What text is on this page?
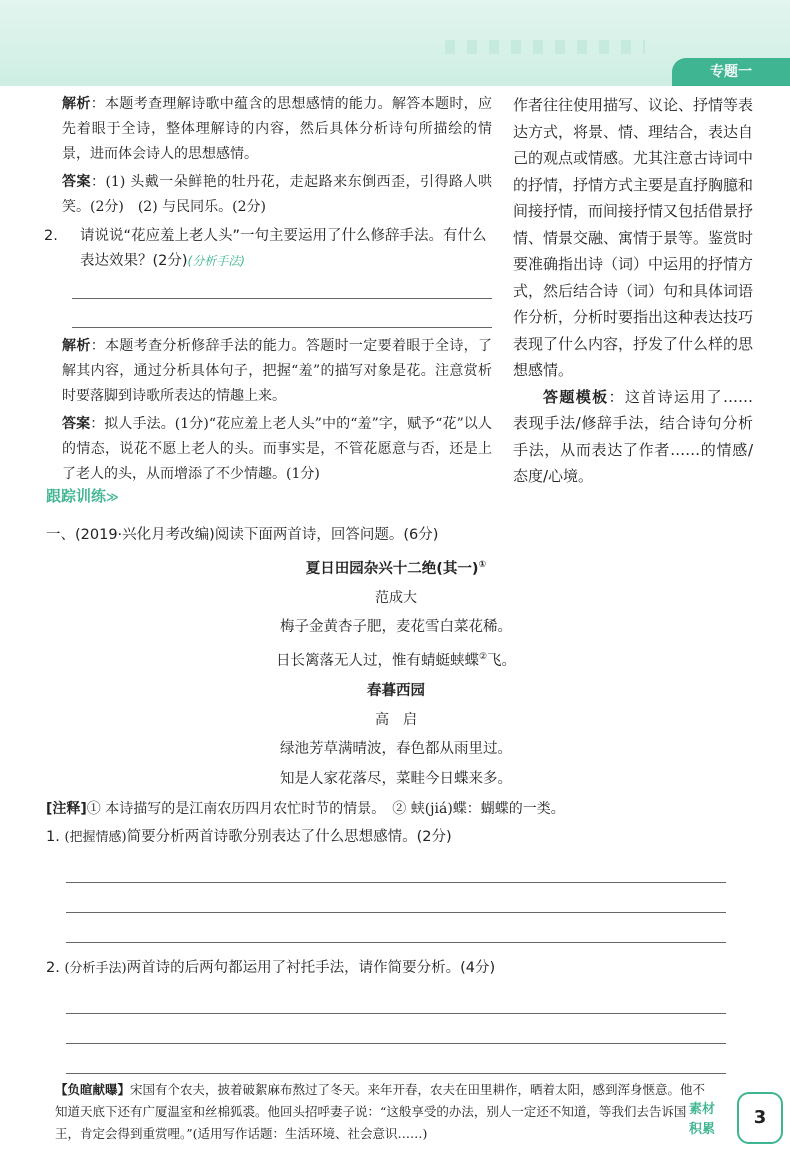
专题一

解析：本题考查理解诗歌中蕴含的思想感情的能力。解答本题时，应先着眼于全诗，整体理解诗的内容，然后具体分析诗句所描绘的情景，进而体会诗人的思想感情。

答案：(1) 头戴一朵鲜艳的牡丹花，走起路来东倒西歪，引得路人哄笑。(2分)　(2) 与民同乐。(2分)

2. 请说说“花应羞上老人头”一句主要运用了什么修辞手法。有什么表达效果？(2分)(分析手法)

解析：本题考查分析修辞手法的能力。答题时一定要着眼于全诗，了解其内容，通过分析具体句子，把握“羞”的描写对象是花。注意赏析时要落脚到诗歌所表达的情趣上来。

答案：拟人手法。(1分)“花应羞上老人头”中的“羞”字，赋予“花”以人的情态，说花不愿上老人的头。而事实是，不管花愿意与否，还是上了老人的头，从而增添了不少情趣。(1分)

作者往往使用描写、议论、抒情等表达方式，将景、情、理结合，表达自己的观点或情感。尤其注意古诗词中的抒情，抒情方式主要是直抒胸臆和间接抒情，而间接抒情又包括借景抒情、情景交融、寓情于景等。鉴赏时要准确指出诗（词）中运用的抒情方式，然后结合诗（词）句和具体词语作分析，分析时要指出这种表达技巧表现了什么内容，抒发了什么样的思想感情。

答题模板：这首诗运用了……表现手法/修辞手法，结合诗句分析手法，从而表达了作者……的情感/态度/心境。

跟踪训练≫
一、(2019·兴化月考改编)阅读下面两首诗，回答问题。(6分)
夏日田园杂兴十二绝(其一)①
范成大
梅子金黄杏子肥，麦花雪白菜花稀。
日长篱落无人过，惟有蜻蜓蛱蝶②飞。
春暮西园
高　启
绿池芳草满晴波，春色都从雨里过。
知是人家花落尽，菜畦今日蝶来多。
[注释]① 本诗描写的是江南农历四月农忙时节的情景。　② 蛱(jiá)蝶：蝴蝶的一类。
1. (把握情感)简要分析两首诗歌分别表达了什么思想感情。(2分)
2. (分析手法)两首诗的后两句都运用了衬托手法，请作简要分析。(4分)
【负暄献曝】宋国有个农夫，披着破絮麻布熬过了冬天。来年开春，农夫在田里耕作，晒着太阳，感到浑身惬意。他不知道天底下还有广厦温室和丝棉狐裘。他回头招呼妻子说：“这般享受的办法，别人一定还不知道，等我们去告诉国王，肯定会得到重赏哩。”(适用写作话题：生活环境、社会意识……)
素材
积累
3
